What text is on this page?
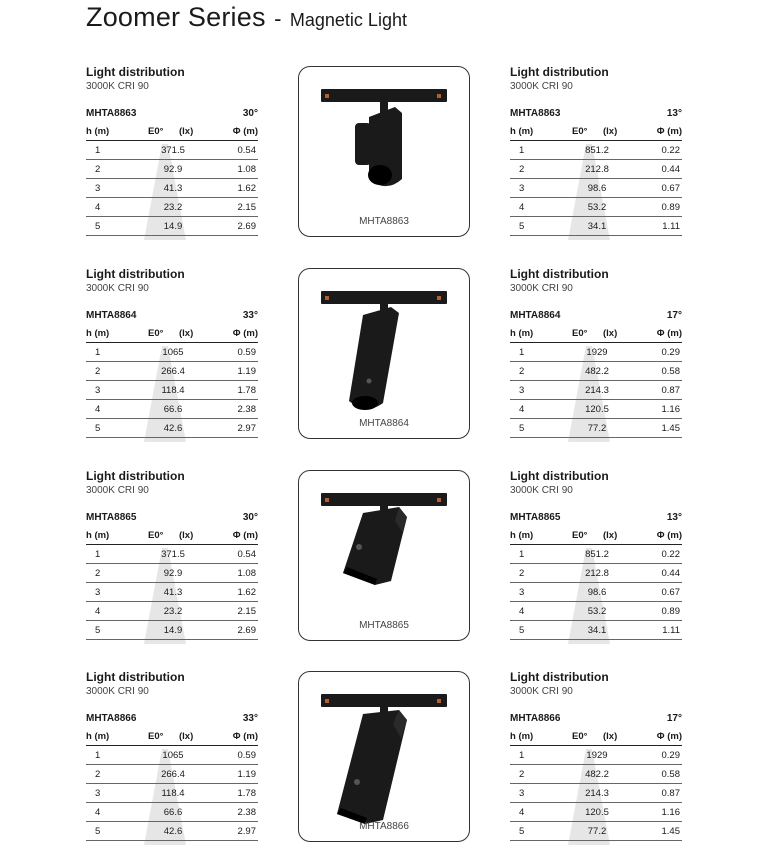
Zoomer Series - Magnetic Light
Light distribution
3000K CRI 90
MHTA8863	30°
h (m)	E0° (lx)	Φ (m)
1	371.5	0.54
2	92.9	1.08
3	41.3	1.62
4	23.2	2.15
5	14.9	2.69
Light distribution
3000K CRI 90
MHTA8863	13°
h (m)	E0° (lx)	Φ (m)
1	851.2	0.22
2	212.8	0.44
3	98.6	0.67
4	53.2	0.89
5	34.1	1.11
MHTA8863
Light distribution
3000K CRI 90
MHTA8864	33°
h (m)	E0° (lx)	Φ (m)
1	1065	0.59
2	266.4	1.19
3	118.4	1.78
4	66.6	2.38
5	42.6	2.97
Light distribution
3000K CRI 90
MHTA8864	17°
h (m)	E0° (lx)	Φ (m)
1	1929	0.29
2	482.2	0.58
3	214.3	0.87
4	120.5	1.16
5	77.2	1.45
MHTA8864
Light distribution
3000K CRI 90
MHTA8865	30°
h (m)	E0° (lx)	Φ (m)
1	371.5	0.54
2	92.9	1.08
3	41.3	1.62
4	23.2	2.15
5	14.9	2.69
Light distribution
3000K CRI 90
MHTA8865	13°
h (m)	E0° (lx)	Φ (m)
1	851.2	0.22
2	212.8	0.44
3	98.6	0.67
4	53.2	0.89
5	34.1	1.11
MHTA8865
Light distribution
3000K CRI 90
MHTA8866	33°
h (m)	E0° (lx)	Φ (m)
1	1065	0.59
2	266.4	1.19
3	118.4	1.78
4	66.6	2.38
5	42.6	2.97
Light distribution
3000K CRI 90
MHTA8866	17°
h (m)	E0° (lx)	Φ (m)
1	1929	0.29
2	482.2	0.58
3	214.3	0.87
4	120.5	1.16
5	77.2	1.45
MHTA8866
